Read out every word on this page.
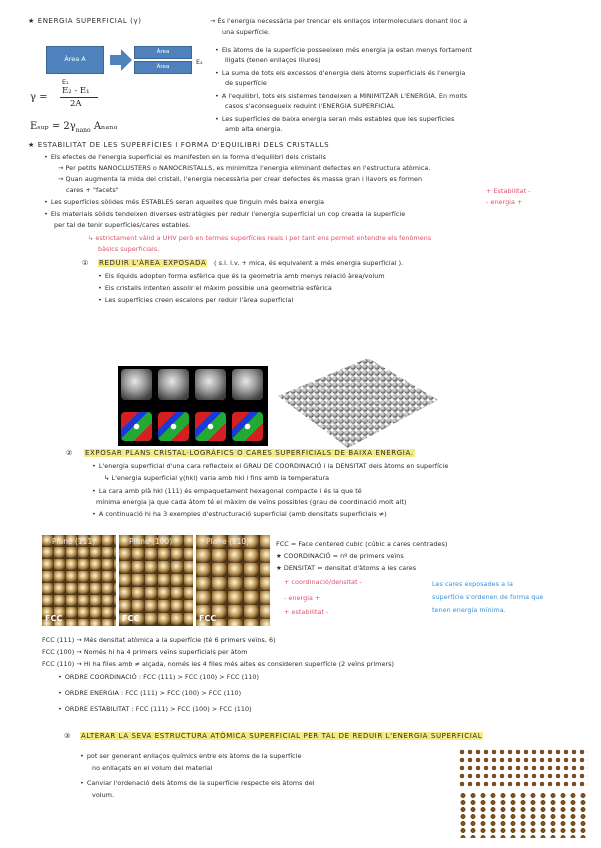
★ ENERGIA SUPERFICIAL (γ)	→ És l'energia necessària per trencar els enllaços intermoleculars donant lloc a
una superfície.
Àrea A
Àrea
Àrea
E₁
E₂
γ =
E₂ - E₁
2A
Eₛᵤₚ = $2\gamma_{nano}$ Aₙₐₙₒ
• Els àtoms de la superfície posseeixen més energia ja estan menys fortament
lligats (tenen enllaços lliures)
• La suma de tots els excessos d'energia dels àtoms superficials és l'energia
de superfície
• A l'equilibri, tots els sistemes tendeixen a MINIMITZAR L'ENERGIA. En molts
casos s'aconsegueix reduint l'ENERGIA SUPERFICIAL
• Les superfícies de baixa energia seran més estables que les superfícies
amb alta energia.
★ ESTABILITAT DE LES SUPERFÍCIES I FORMA D'EQUILIBRI DELS CRISTALLS
• Els efectes de l'energia superficial es manifesten en la forma d'equilibri dels cristalls
→ Per petits NANOCLUSTERS o NANOCRISTALLS, es minimitza l'energia eliminant defectes en l'estructura atòmica.
→ Quan augmenta la mida del cristall, l'energia necessària per crear defectes és massa gran i llavors es formen
cares + "facets"	+ Estabilitat -
• Les superfícies sòlides més ESTABLES seran aquelles que tinguin més baixa energia	- energia +
• Els materials sòlids tendeixen diverses estratègies per reduir l'energia superficial un cop creada la superfície
per tal de tenir superfícies/cares estables.
↳ estrictament vàlid a UHV però en termes superfícies reals i per tant ens permet entendre els fenòmens
bàsics superficials.
① REDUIR L'ÀREA EXPOSADA ( s.l. l.v. + mica, és equivalent a més energia superficial ).
• Els líquids adopten forma esfèrica que és la geometria amb menys relació àrea/volum
• Els cristalls intenten assolir el màxim possible una geometria esfèrica
• Les superfícies creen escalons per reduir l'àrea superficial
② EXPOSAR PLANS CRISTAL·LOGRÀFICS O CARES SUPERFICIALS DE BAIXA ENERGIA.
• L'energia superficial d'una cara reflecteix el GRAU DE COORDINACIÓ i la DENSITAT dels àtoms en superfície
↳ L'energia superficial γ(hkl) varia amb hkl i fins amb la temperatura
• La cara amb plà hkl (111) és empaquetament hexagonal compacte i és la que té
mínima energia ja que cada àtom té el màxim de veïns possibles (grau de coordinació molt alt)
• A continuació hi ha 3 exemples d'estructuració superficial (amb densitats superficials ≠)
Plane (111)
FCC
Plane (100)
FCC
Plane (110)
FCC
FCC = Face centered cubic (cúbic a cares centrades)
★ COORDINACIÓ = nº de primers veïns
★ DENSITAT = densitat d'àtoms a les cares
+ coordinació/densitat -
- energia +
+ estabilitat -
Les cares exposades a la
superfície s'ordenen de forma que
tenen energia mínima.
FCC (111) → Més densitat atòmica a la superfície (té 6 primers veïns, 6)
FCC (100) → Només hi ha 4 primers veïns superficials per àtom
FCC (110) → Hi ha files amb ≠ alçada, només les 4 files més altes es consideren superfície (2 veïns primers)
• ORDRE COORDINACIÓ : FCC (111) > FCC (100) > FCC (110)
• ORDRE ENERGIA : FCC (111) > FCC (100) > FCC (110)
• ORDRE ESTABILITAT : FCC (111) > FCC (100) > FCC (110)
③ ALTERAR LA SEVA ESTRUCTURA ATÒMICA SUPERFICIAL PER TAL DE REDUIR L'ENERGIA SUPERFICIAL
• pot ser generant enllaços químics entre els àtoms de la superfície
no enllaçats en el volum del material
• Canviar l'ordenació dels àtoms de la superfície respecte els àtoms del
volum.
